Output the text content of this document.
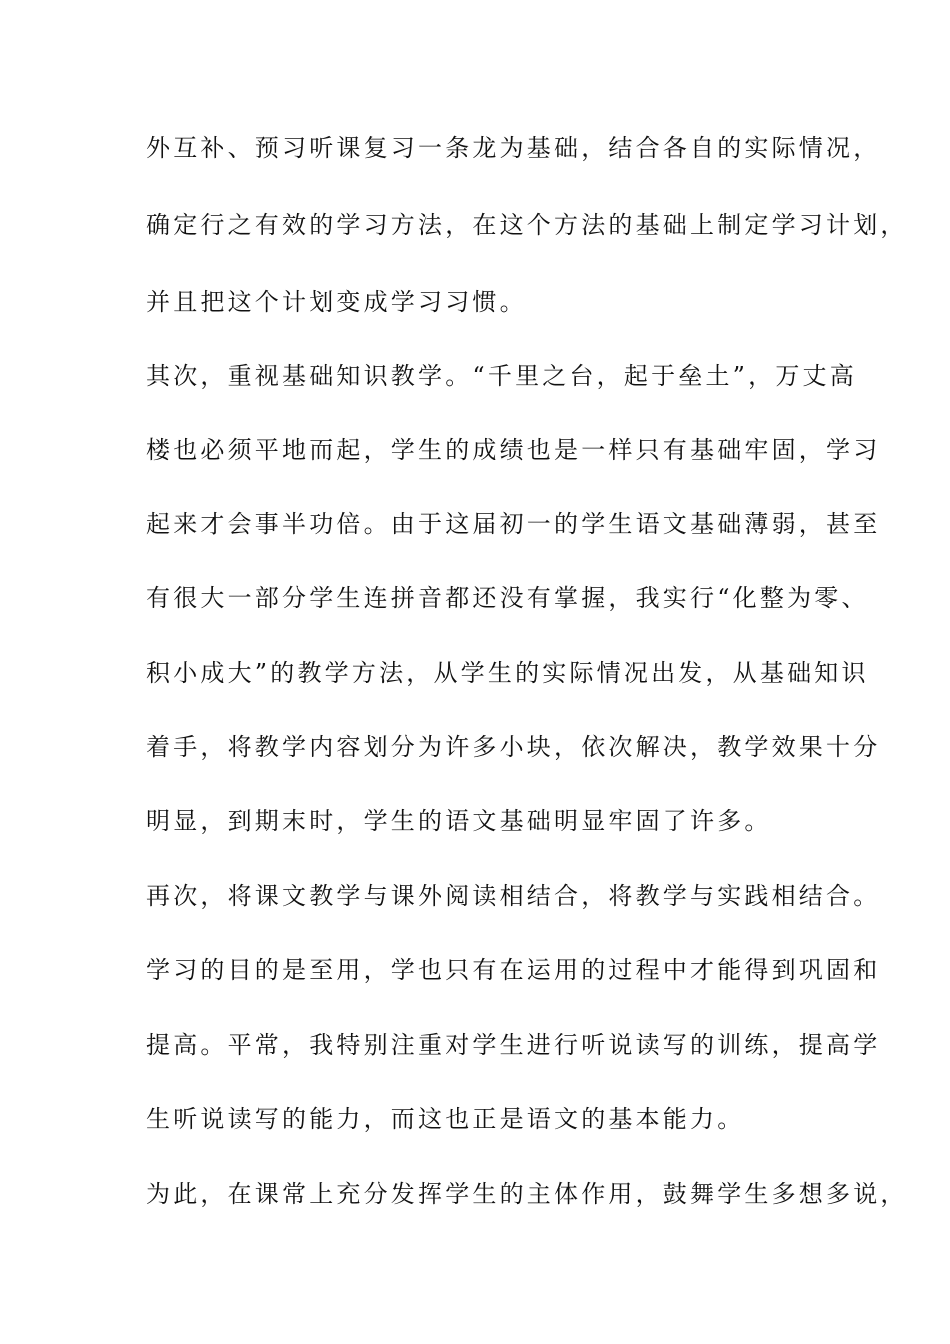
外互补、预习听课复习一条龙为基础，结合各自的实际情况，
确定行之有效的学习方法，在这个方法的基础上制定学习计划，
并且把这个计划变成学习习惯。
其次，重视基础知识教学。“千里之台，起于垒土”，万丈高
楼也必须平地而起，学生的成绩也是一样只有基础牢固，学习
起来才会事半功倍。由于这届初一的学生语文基础薄弱，甚至
有很大一部分学生连拼音都还没有掌握，我实行“化整为零、
积小成大”的教学方法，从学生的实际情况出发，从基础知识
着手，将教学内容划分为许多小块，依次解决，教学效果十分
明显，到期末时，学生的语文基础明显牢固了许多。
再次，将课文教学与课外阅读相结合，将教学与实践相结合。
学习的目的是至用，学也只有在运用的过程中才能得到巩固和
提高。平常，我特别注重对学生进行听说读写的训练，提高学
生听说读写的能力，而这也正是语文的基本能力。
为此，在课常上充分发挥学生的主体作用，鼓舞学生多想多说，
